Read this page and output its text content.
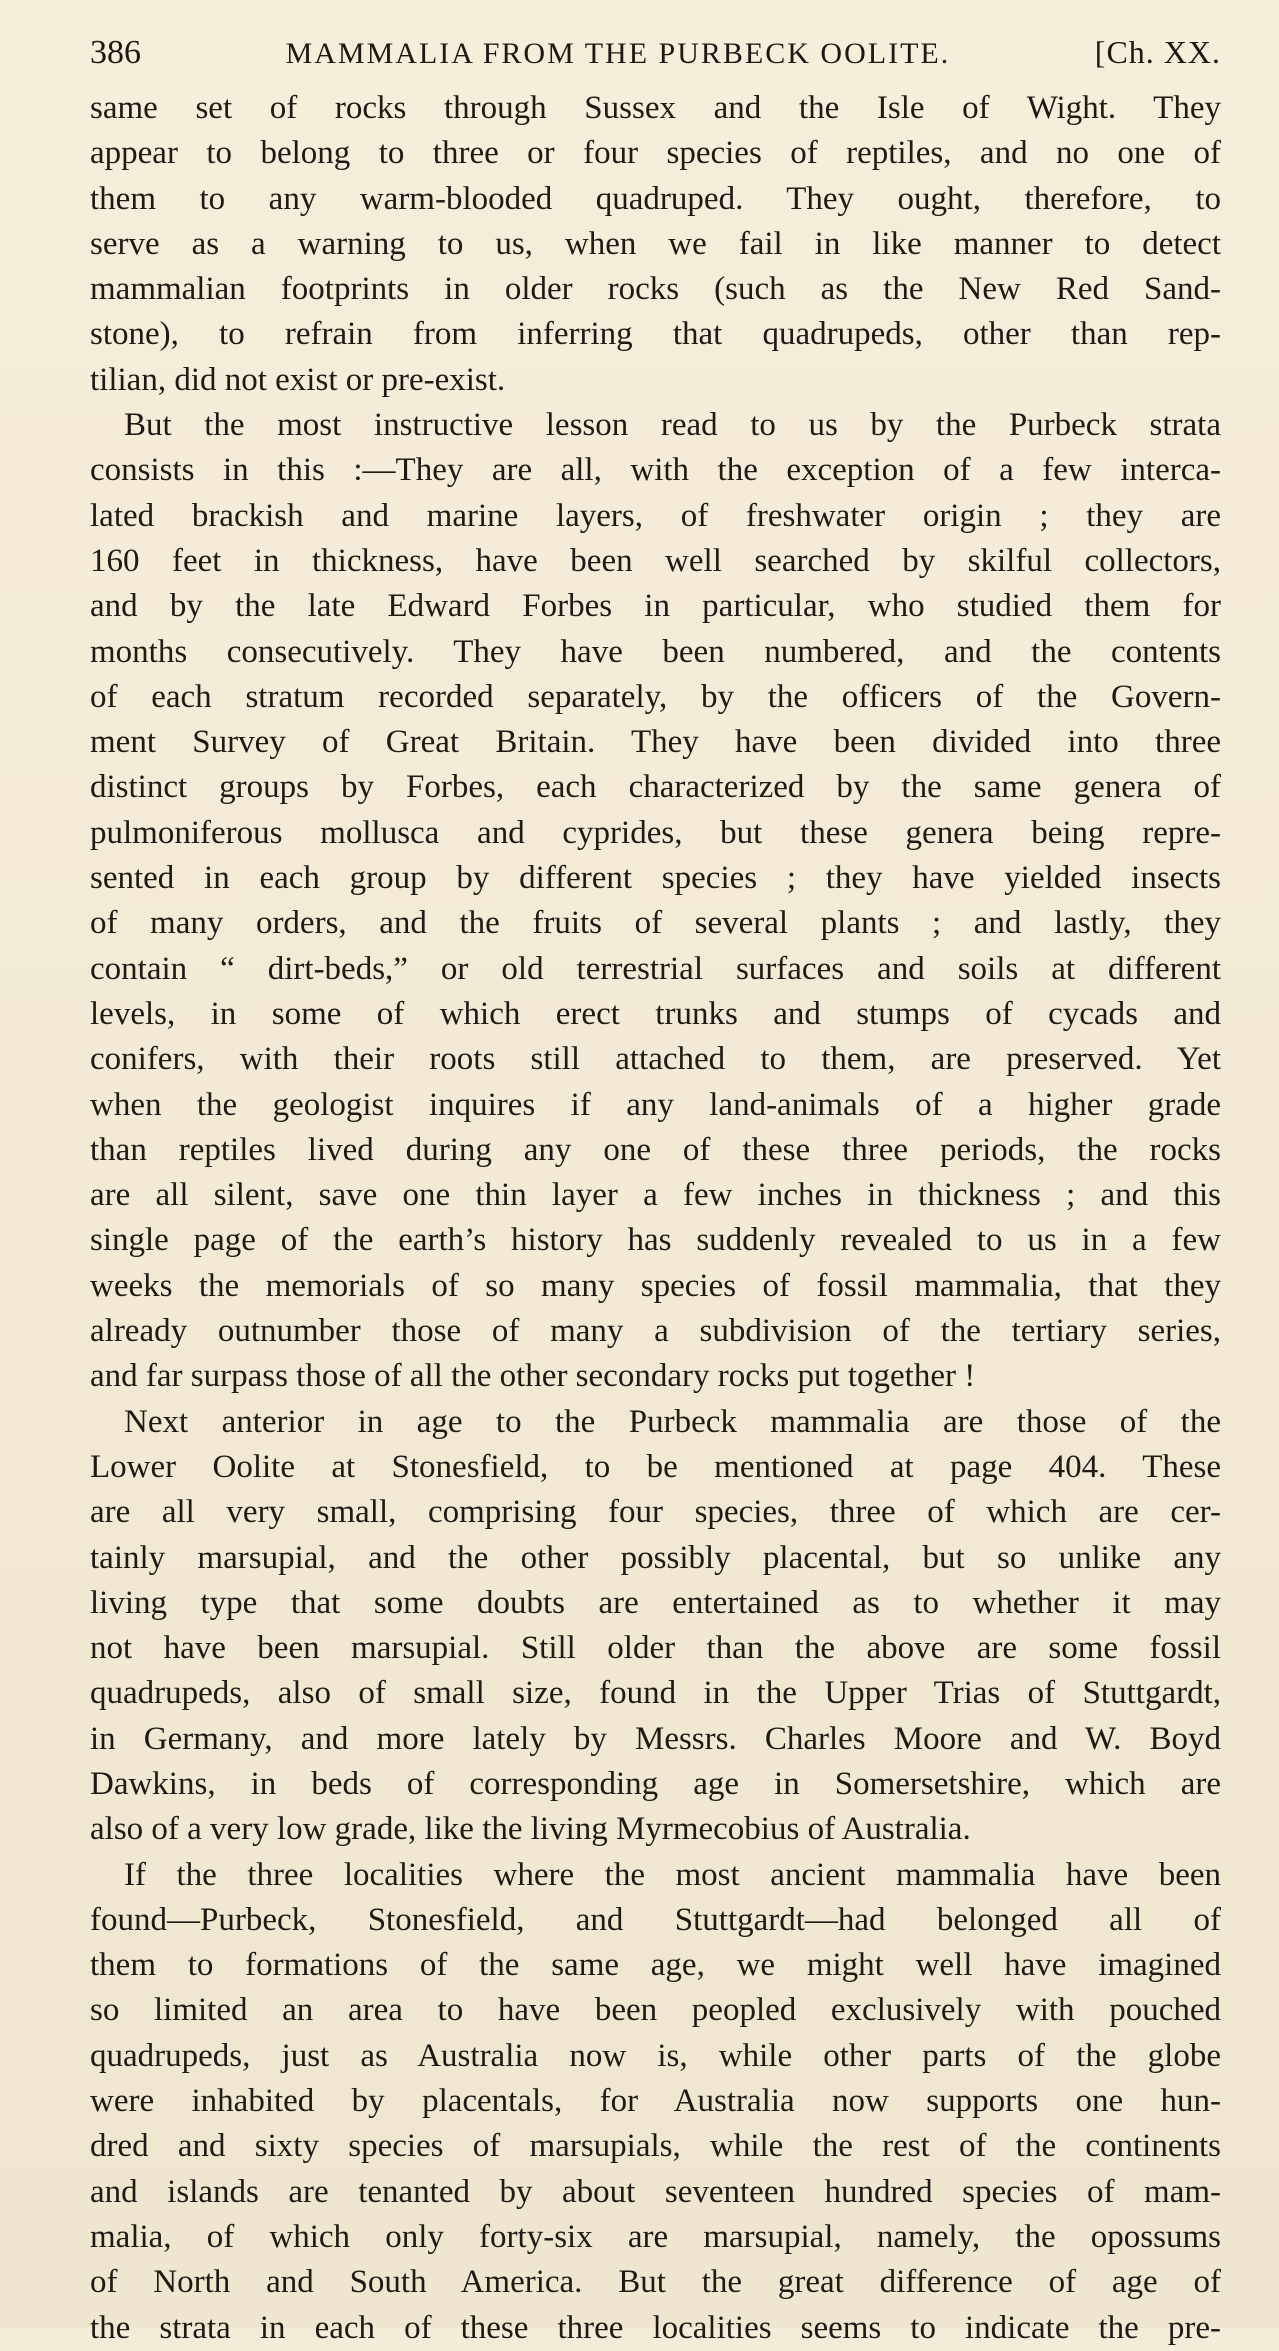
386	MAMMALIA FROM THE PURBECK OOLITE.	[Ch. XX.
same set of rocks through Sussex and the Isle of Wight. They
appear to belong to three or four species of reptiles, and no one of
them to any warm-blooded quadruped. They ought, therefore, to
serve as a warning to us, when we fail in like manner to detect
mammalian footprints in older rocks (such as the New Red Sand-
stone), to refrain from inferring that quadrupeds, other than rep-
tilian, did not exist or pre-exist.
But the most instructive lesson read to us by the Purbeck strata
consists in this :—They are all, with the exception of a few interca-
lated brackish and marine layers, of freshwater origin ; they are
160 feet in thickness, have been well searched by skilful collectors,
and by the late Edward Forbes in particular, who studied them for
months consecutively. They have been numbered, and the contents
of each stratum recorded separately, by the officers of the Govern-
ment Survey of Great Britain. They have been divided into three
distinct groups by Forbes, each characterized by the same genera of
pulmoniferous mollusca and cyprides, but these genera being repre-
sented in each group by different species ; they have yielded insects
of many orders, and the fruits of several plants ; and lastly, they
contain “ dirt-beds,” or old terrestrial surfaces and soils at different
levels, in some of which erect trunks and stumps of cycads and
conifers, with their roots still attached to them, are preserved. Yet
when the geologist inquires if any land-animals of a higher grade
than reptiles lived during any one of these three periods, the rocks
are all silent, save one thin layer a few inches in thickness ; and this
single page of the earth’s history has suddenly revealed to us in a few
weeks the memorials of so many species of fossil mammalia, that they
already outnumber those of many a subdivision of the tertiary series,
and far surpass those of all the other secondary rocks put together !
Next anterior in age to the Purbeck mammalia are those of the
Lower Oolite at Stonesfield, to be mentioned at page 404. These
are all very small, comprising four species, three of which are cer-
tainly marsupial, and the other possibly placental, but so unlike any
living type that some doubts are entertained as to whether it may
not have been marsupial. Still older than the above are some fossil
quadrupeds, also of small size, found in the Upper Trias of Stuttgardt,
in Germany, and more lately by Messrs. Charles Moore and W. Boyd
Dawkins, in beds of corresponding age in Somersetshire, which are
also of a very low grade, like the living Myrmecobius of Australia.
If the three localities where the most ancient mammalia have been
found—Purbeck, Stonesfield, and Stuttgardt—had belonged all of
them to formations of the same age, we might well have imagined
so limited an area to have been peopled exclusively with pouched
quadrupeds, just as Australia now is, while other parts of the globe
were inhabited by placentals, for Australia now supports one hun-
dred and sixty species of marsupials, while the rest of the continents
and islands are tenanted by about seventeen hundred species of mam-
malia, of which only forty-six are marsupial, namely, the opossums
of North and South America. But the great difference of age of
the strata in each of these three localities seems to indicate the pre-
